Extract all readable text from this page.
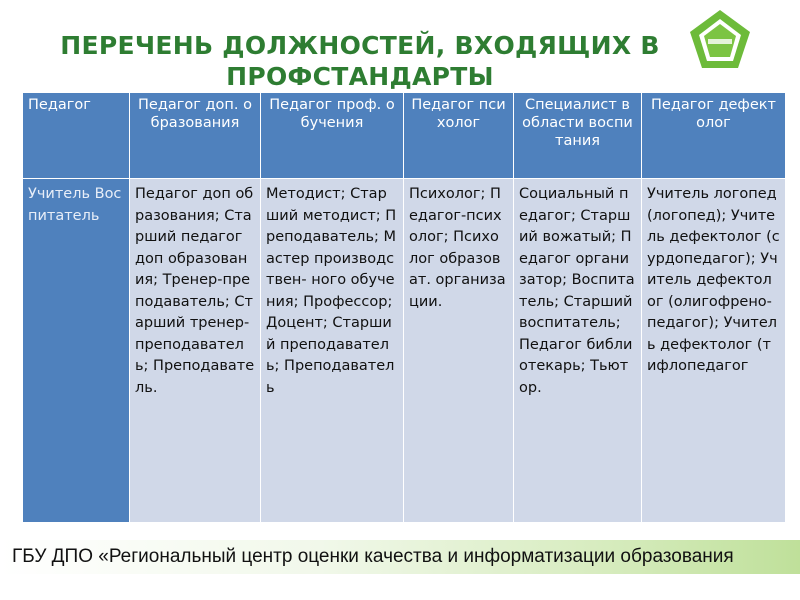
ПЕРЕЧЕНЬ ДОЛЖНОСТЕЙ, ВХОДЯЩИХ В
ПРОФСТАНДАРТЫ
Педагог	Педагог доп. образования	Педагог проф. обучения	Педагог психолог	Специалист в области воспитания	Педагог дефектолог
Учитель Воспитатель	Педагог доп образования; Старший педагог доп образования; Тренер-преподаватель; Старший тренер-преподаватель; Преподаватель.	Методист; Старший методист; Преподаватель; Мастер производствен- ного обучения; Профессор; Доцент; Старший преподаватель; Преподаватель	Психолог; Педагог-психолог; Психолог образоват. организации.	Социальный педагог; Старший вожатый; Педагог организатор; Воспитатель; Старший воспитатель; Педагог библиотекарь; Тьютор.	Учитель логопед (логопед); Учитель дефектолог (сурдопедагог); Учитель дефектолог (олигофрено-педагог); Учитель дефектолог (тифлопедагог
ГБУ ДПО «Региональный центр оценки качества и информатизации образования
